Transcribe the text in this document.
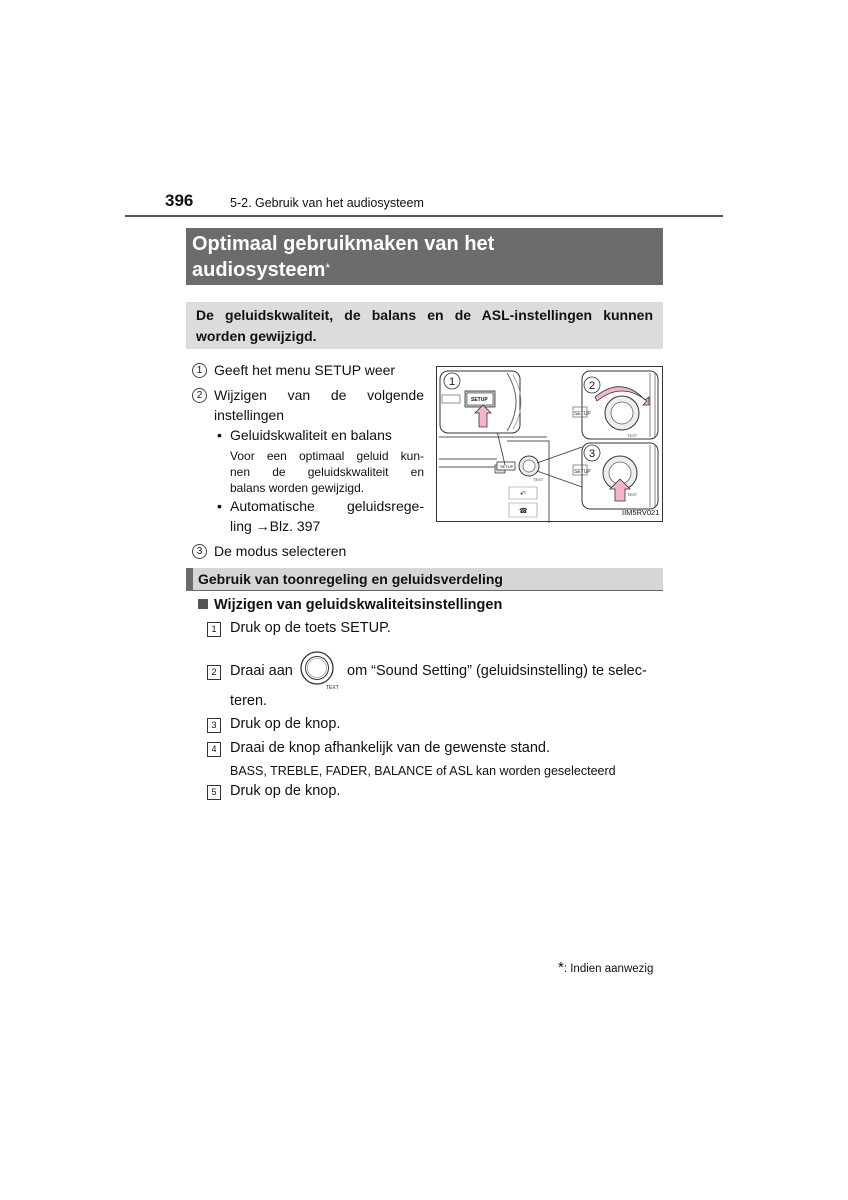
396	5-2. Gebruik van het audiosysteem
Optimaal gebruikmaken van het
audiosysteem*
De geluidskwaliteit, de balans en de ASL-instellingen kunnen worden gewijzigd.
1 Geeft het menu SETUP weer
2 Wijzigen van de volgende
instellingen
• Geluidskwaliteit en balans
Voor een optimaal geluid kun-
nen de geluidskwaliteit en
balans worden gewijzigd.
• Automatische geluidsrege-
ling →Blz. 397
3 De modus selecteren
TEXT
SETUP
↶
☎
SETUP
1
SETUP
TEXT
2
SETUP
TEXT
3
IIM5RV021
Gebruik van toonregeling en geluidsverdeling
Wijzigen van geluidskwaliteitsinstellingen
1 Druk op de toets SETUP.
2 Draai aan	om “Sound Setting” (geluidsinstelling) te selec-
teren.
TEXT
3 Druk op de knop.
4 Draai de knop afhankelijk van de gewenste stand.
BASS, TREBLE, FADER, BALANCE of ASL kan worden geselecteerd
5 Druk op de knop.
*: Indien aanwezig
